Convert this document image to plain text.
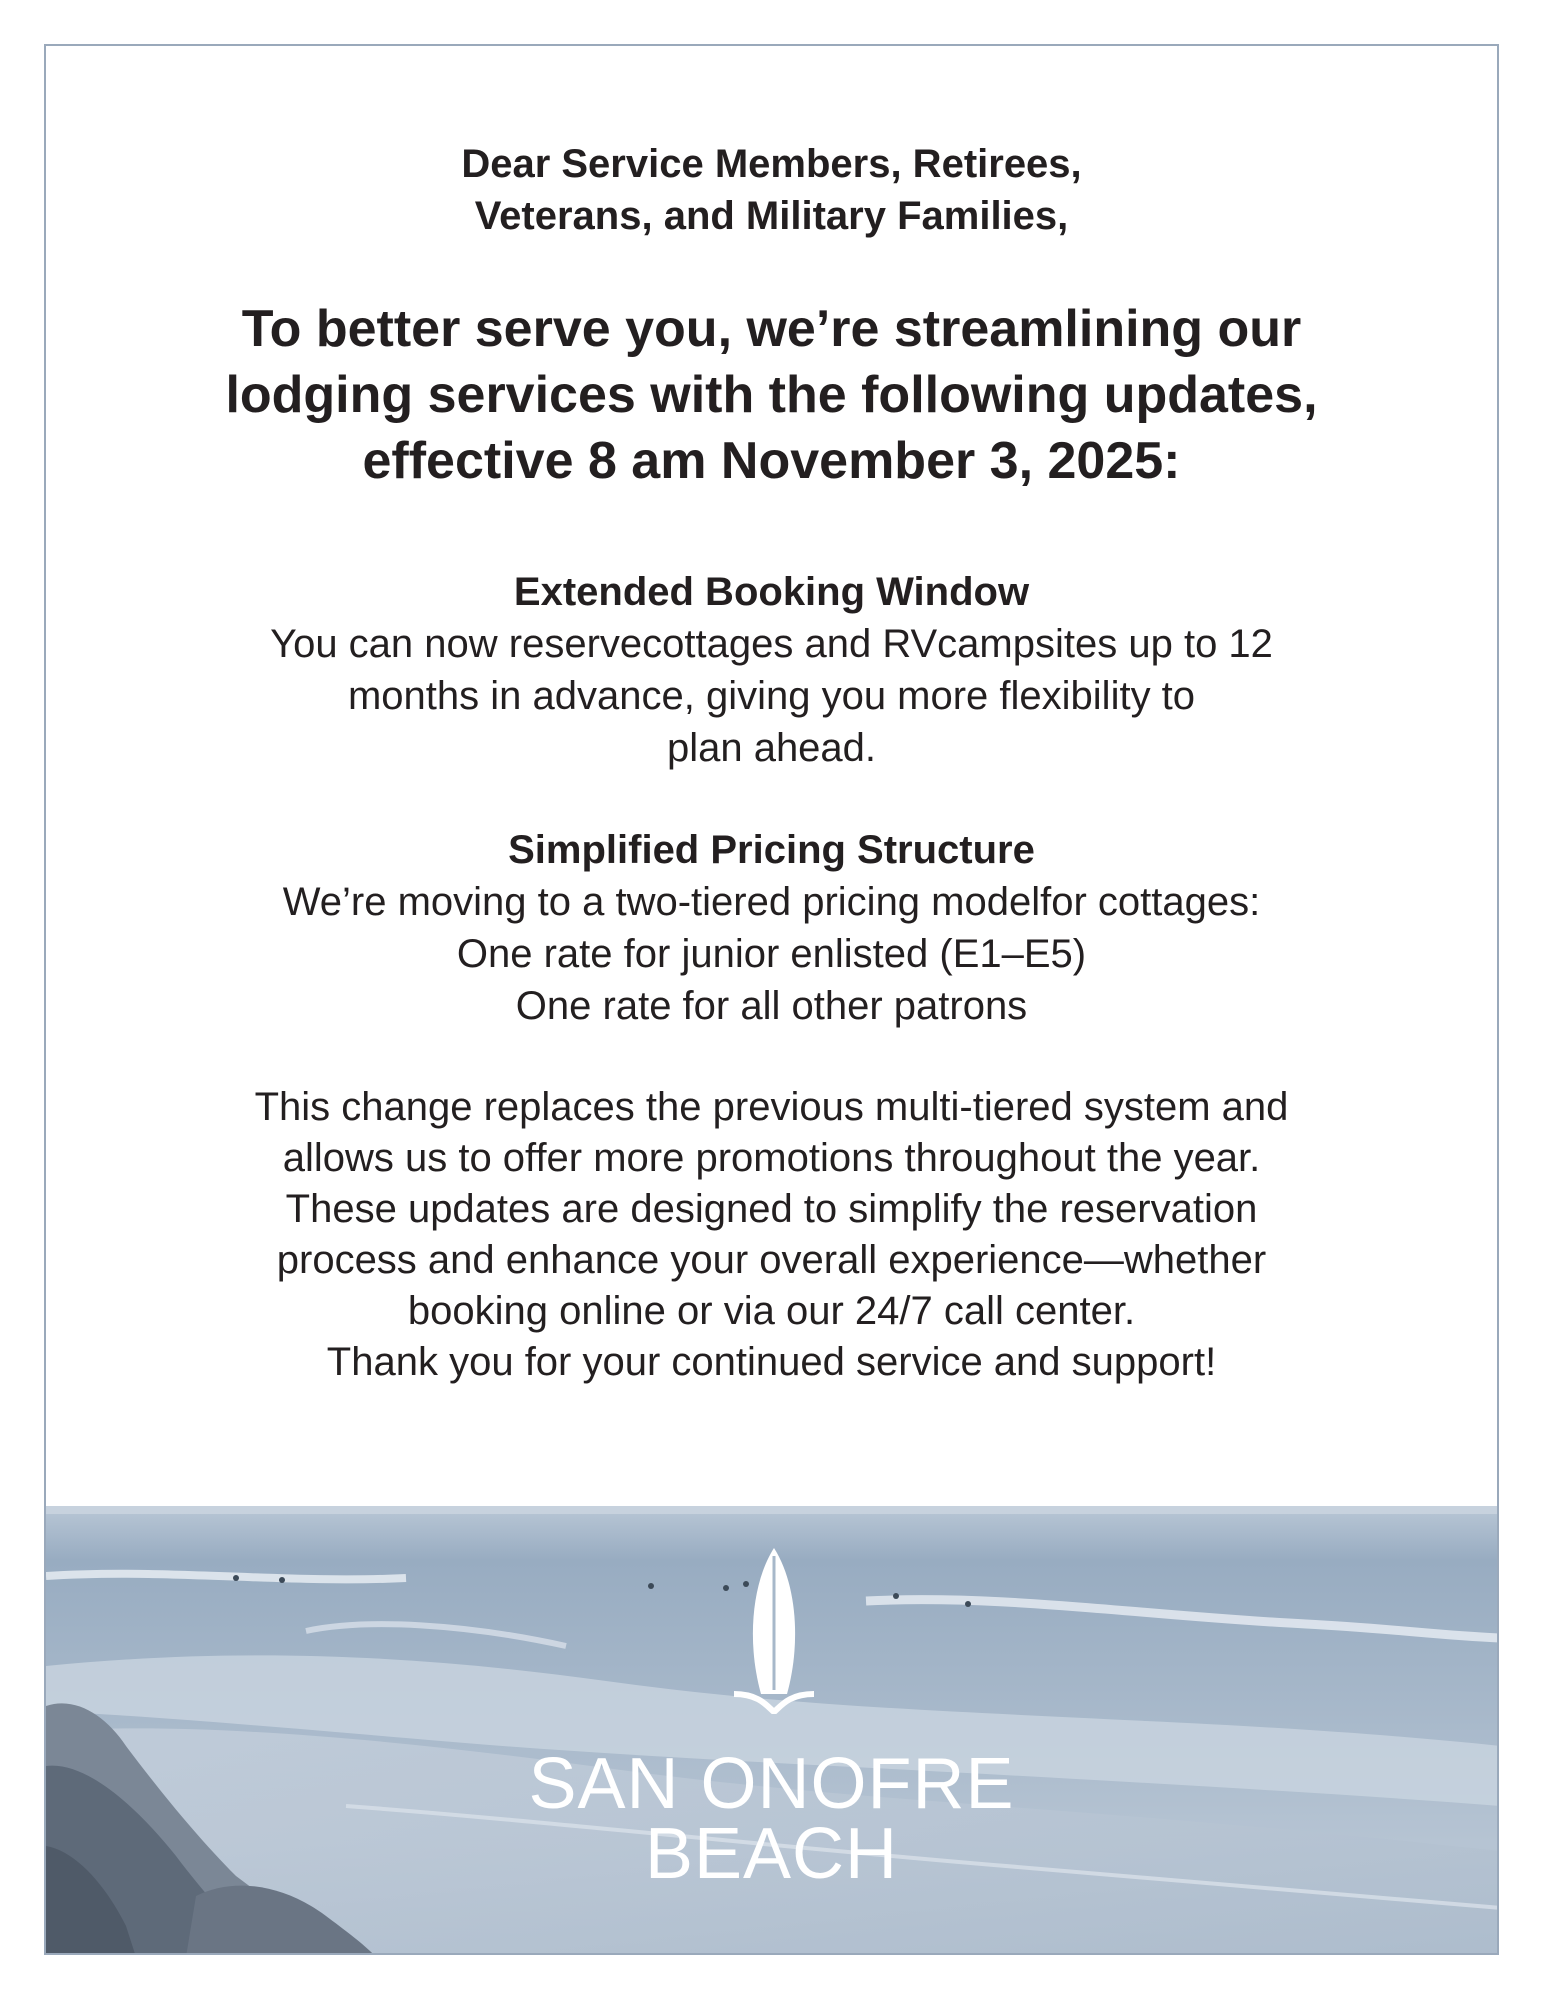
Dear Service Members, Retirees,
Veterans, and Military Families,
To better serve you, we’re streamlining our
lodging services with the following updates,
effective 8 am November 3, 2025:
Extended Booking Window
You can now reservecottages and RVcampsites up to 12
months in advance, giving you more flexibility to
plan ahead.
Simplified Pricing Structure
We’re moving to a two-tiered pricing modelfor cottages:
One rate for junior enlisted (E1–E5)
One rate for all other patrons
This change replaces the previous multi-tiered system and
allows us to offer more promotions throughout the year.
These updates are designed to simplify the reservation
process and enhance your overall experience—whether
booking online or via our 24/7 call center.
Thank you for your continued service and support!
SAN ONOFRE
BEACH
